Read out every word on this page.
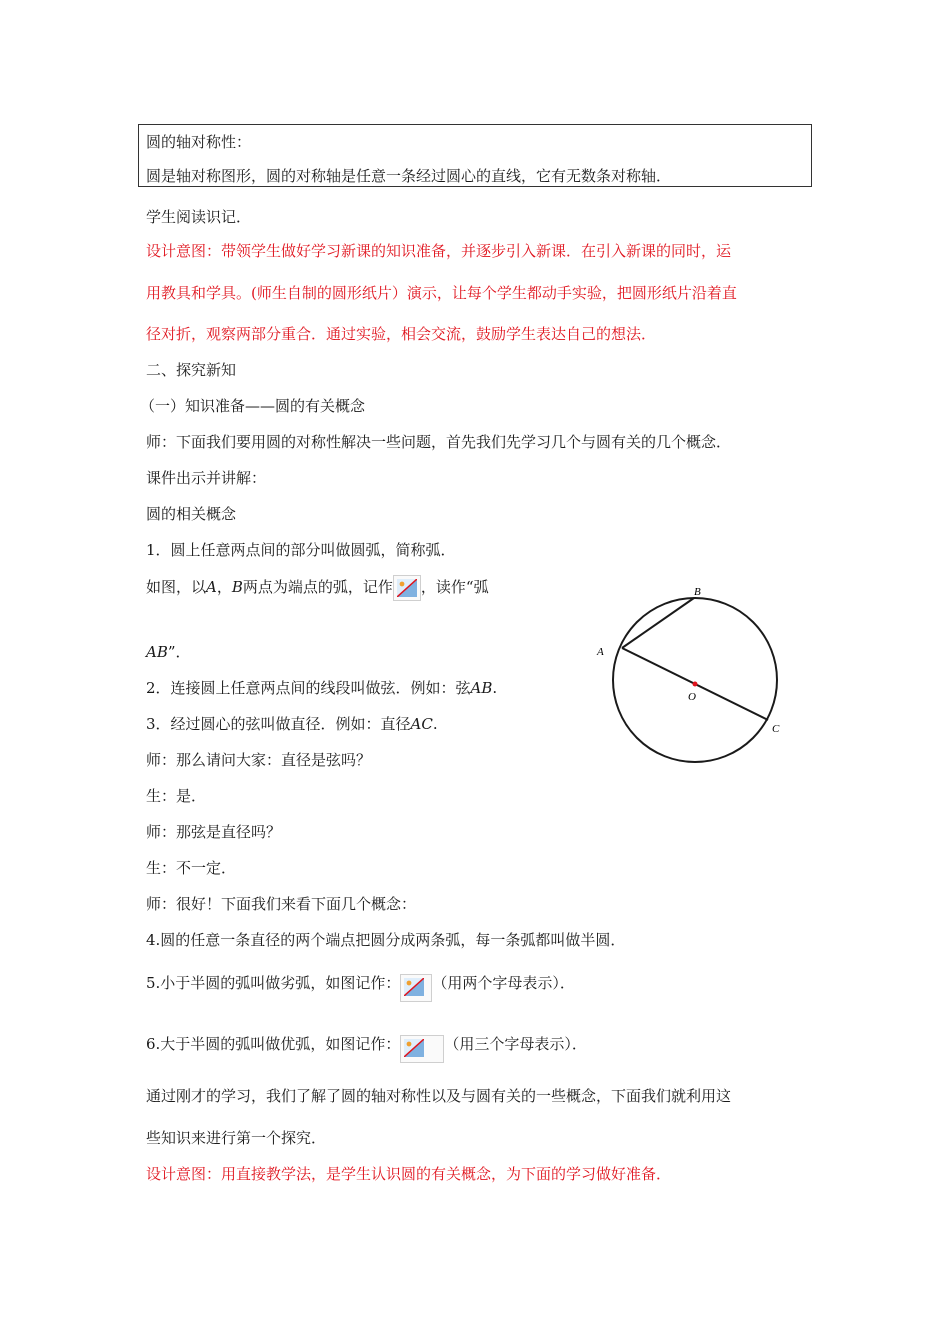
圆的轴对称性：
圆是轴对称图形，圆的对称轴是任意一条经过圆心的直线，它有无数条对称轴．
学生阅读识记．
设计意图：带领学生做好学习新课的知识准备，并逐步引入新课．在引入新课的同时，运
用教具和学具。(师生自制的圆形纸片）演示，让每个学生都动手实验，把圆形纸片沿着直
径对折，观察两部分重合．通过实验，相会交流，鼓励学生表达自己的想法．
二、探究新知
（一）知识准备——圆的有关概念
师：下面我们要用圆的对称性解决一些问题，首先我们先学习几个与圆有关的几个概念．
课件出示并讲解：
圆的相关概念
1．圆上任意两点间的部分叫做圆弧，简称弧．
如图，以A，B两点为端点的弧，记作 ，读作“弧
AB”．
2．连接圆上任意两点间的线段叫做弦．例如：弦AB.
3．经过圆心的弦叫做直径．例如：直径AC.
师：那么请问大家：直径是弦吗？
生：是．
师：那弦是直径吗？
生：不一定．
师：很好！下面我们来看下面几个概念：
4.圆的任意一条直径的两个端点把圆分成两条弧，每一条弧都叫做半圆．
5.小于半圆的弧叫做劣弧，如图记作： （用两个字母表示）．
6.大于半圆的弧叫做优弧，如图记作：	（用三个字母表示）．
通过刚才的学习，我们了解了圆的轴对称性以及与圆有关的一些概念，下面我们就利用这
些知识来进行第一个探究．
设计意图：用直接教学法，是学生认识圆的有关概念，为下面的学习做好准备．
B
A
C
O
